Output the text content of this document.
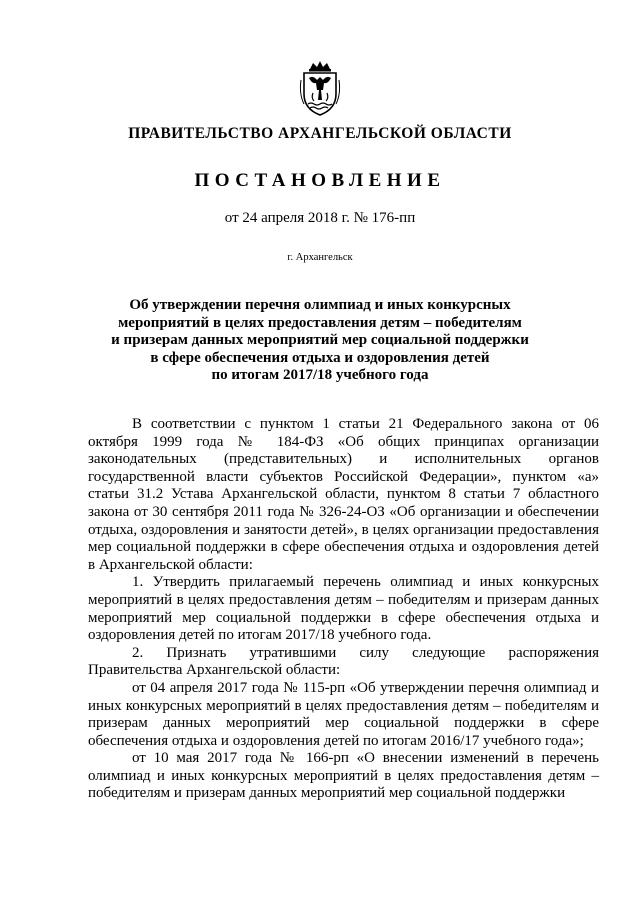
ПРАВИТЕЛЬСТВО АРХАНГЕЛЬСКОЙ ОБЛАСТИ
ПОСТАНОВЛЕНИЕ
от 24 апреля 2018 г. № 176-пп
г. Архангельск
Об утверждении перечня олимпиад и иных конкурсных
мероприятий в целях предоставления детям – победителям
и призерам данных мероприятий мер социальной поддержки
в сфере обеспечения отдыха и оздоровления детей
по итогам 2017/18 учебного года

В соответствии с пунктом 1 статьи 21 Федерального закона от 06 октября 1999 года № 184-ФЗ «Об общих принципах организации законодательных (представительных) и исполнительных органов государственной власти субъектов Российской Федерации», пунктом «а» статьи 31.2 Устава Архангельской области, пунктом 8 статьи 7 областного закона от 30 сентября 2011 года № 326-24-ОЗ «Об организации и обеспечении отдыха, оздоровления и занятости детей», в целях организации предоставления мер социальной поддержки в сфере обеспечения отдыха и оздоровления детей в Архангельской области:

1. Утвердить прилагаемый перечень олимпиад и иных конкурсных мероприятий в целях предоставления детям – победителям и призерам данных мероприятий мер социальной поддержки в сфере обеспечения отдыха и оздоровления детей по итогам 2017/18 учебного года.

2. Признать утратившими силу следующие распоряжения Правительства Архангельской области:

от 04 апреля 2017 года № 115-рп «Об утверждении перечня олимпиад и иных конкурсных мероприятий в целях предоставления детям – победителям и призерам данных мероприятий мер социальной поддержки в сфере обеспечения отдыха и оздоровления детей по итогам 2016/17 учебного года»;

от 10 мая 2017 года № 166-рп «О внесении изменений в перечень олимпиад и иных конкурсных мероприятий в целях предоставления детям – победителям и призерам данных мероприятий мер социальной поддержки
